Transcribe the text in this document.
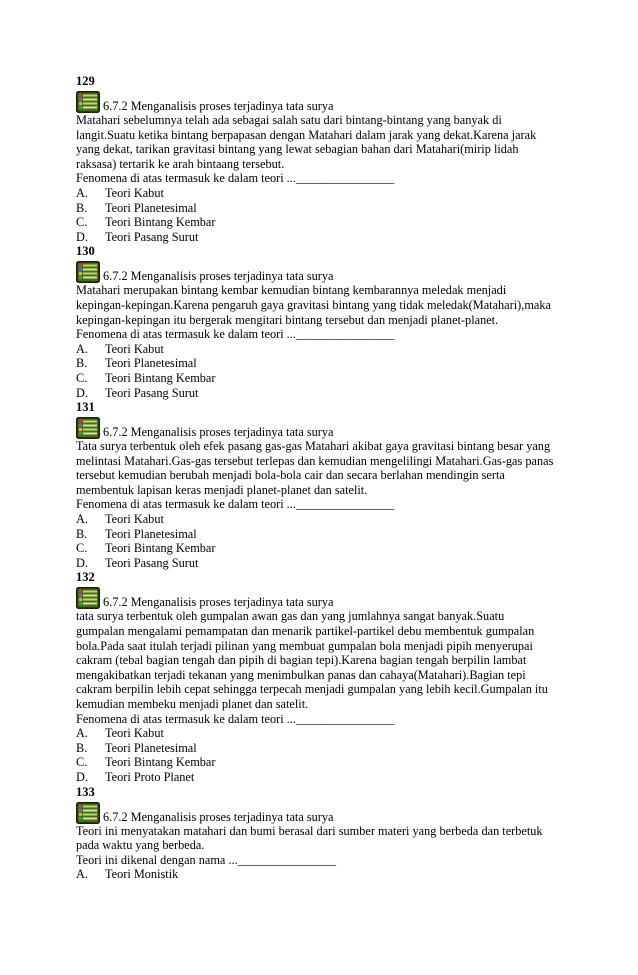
129
6.7.2 Menganalisis proses terjadinya tata surya
Matahari sebelumnya telah ada sebagai salah satu dari bintang-bintang yang banyak di
langit.Suatu ketika bintang berpapasan dengan Matahari dalam jarak yang dekat.Karena jarak
yang dekat, tarikan gravitasi bintang yang lewat sebagian bahan dari Matahari(mirip lidah
raksasa) tertarik ke arah bintaang tersebut.
Fenomena di atas termasuk ke dalam teori ...________________
A.	Teori Kabut
B.	Teori Planetesimal
C.	Teori Bintang Kembar
D.	Teori Pasang Surut
130
6.7.2 Menganalisis proses terjadinya tata surya
Matahari merupakan bintang kembar kemudian bintang kembarannya meledak menjadi
kepingan-kepingan.Karena pengaruh gaya gravitasi bintang yang tidak meledak(Matahari),maka
kepingan-kepingan itu bergerak mengitari bintang tersebut dan menjadi planet-planet.
Fenomena di atas termasuk ke dalam teori ...________________
A.	Teori Kabut
B.	Teori Planetesimal
C.	Teori Bintang Kembar
D.	Teori Pasang Surut
131
6.7.2 Menganalisis proses terjadinya tata surya
Tata surya terbentuk oleh efek pasang gas-gas Matahari akibat gaya gravitasi bintang besar yang
melintasi Matahari.Gas-gas tersebut terlepas dan kemudian mengelilingi Matahari.Gas-gas panas
tersebut kemudian berubah menjadi bola-bola cair dan secara berlahan mendingin serta
membentuk lapisan keras menjadi planet-planet dan satelit.
Fenomena di atas termasuk ke dalam teori ...________________
A.	Teori Kabut
B.	Teori Planetesimal
C.	Teori Bintang Kembar
D.	Teori Pasang Surut
132
6.7.2 Menganalisis proses terjadinya tata surya
tata surya terbentuk oleh gumpalan awan gas dan yang jumlahnya sangat banyak.Suatu
gumpalan mengalami pemampatan dan menarik partikel-partikel debu membentuk gumpalan
bola.Pada saat itulah terjadi pilinan yang membuat gumpalan bola menjadi pipih menyerupai
cakram (tebal bagian tengah dan pipih di bagian tepi).Karena bagian tengah berpilin lambat
mengakibatkan terjadi tekanan yang menimbulkan panas dan cahaya(Matahari).Bagian tepi
cakram berpilin lebih cepat sehingga terpecah menjadi gumpalan yang lebih kecil.Gumpalan itu
kemudian membeku menjadi planet dan satelit.
Fenomena di atas termasuk ke dalam teori ...________________
A.	Teori Kabut
B.	Teori Planetesimal
C.	Teori Bintang Kembar
D.	Teori Proto Planet
133
6.7.2 Menganalisis proses terjadinya tata surya
Teori ini menyatakan matahari dan bumi berasal dari sumber materi yang berbeda dan terbetuk
pada waktu yang berbeda.
Teori ini dikenal dengan nama ...________________
A.	Teori Monistik
